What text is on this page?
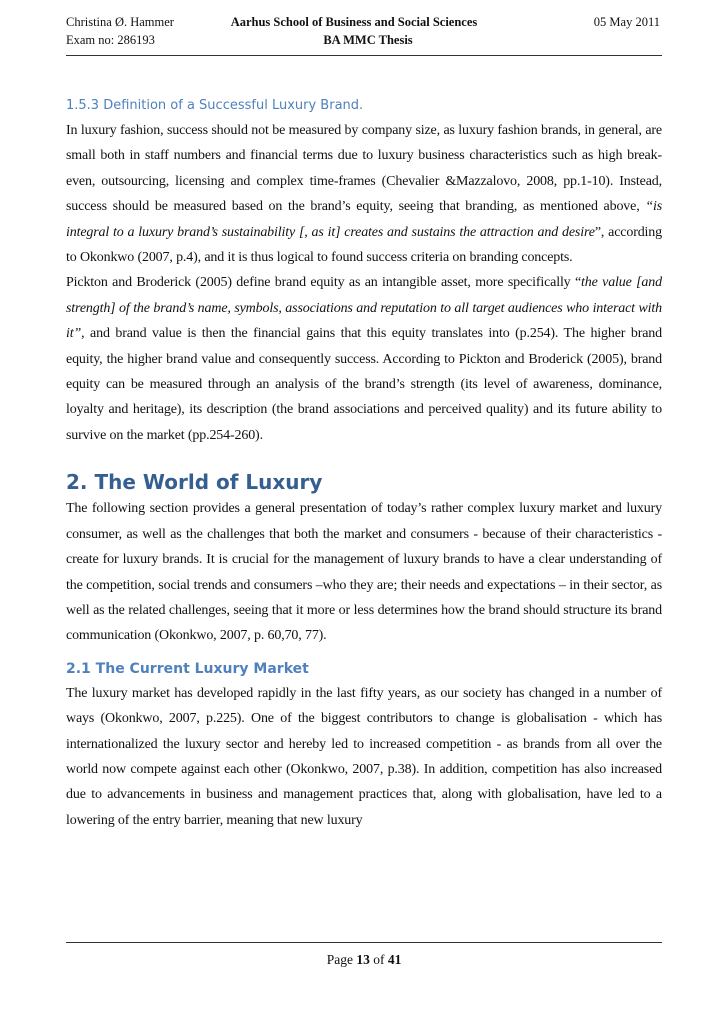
Christina Ø. Hammer
Exam no: 286193
Aarhus School of Business and Social Sciences
BA MMC Thesis
05 May 2011
1.5.3 Definition of a Successful Luxury Brand.

In luxury fashion, success should not be measured by company size, as luxury fashion brands, in general, are small both in staff numbers and financial terms due to luxury business characteristics such as high break-even, outsourcing, licensing and complex time-frames (Chevalier &Mazzalovo, 2008, pp.1-10). Instead, success should be measured based on the brand’s equity, seeing that branding, as mentioned above, “is integral to a luxury brand’s sustainability [, as it] creates and sustains the attraction and desire”, according to Okonkwo (2007, p.4), and it is thus logical to found success criteria on branding concepts.

Pickton and Broderick (2005) define brand equity as an intangible asset, more specifically “the value [and strength] of the brand’s name, symbols, associations and reputation to all target audiences who interact with it”, and brand value is then the financial gains that this equity translates into (p.254). The higher brand equity, the higher brand value and consequently success. According to Pickton and Broderick (2005), brand equity can be measured through an analysis of the brand’s strength (its level of awareness, dominance, loyalty and heritage), its description (the brand associations and perceived quality) and its future ability to survive on the market (pp.254-260).

2. The World of Luxury

The following section provides a general presentation of today’s rather complex luxury market and luxury consumer, as well as the challenges that both the market and consumers - because of their characteristics - create for luxury brands. It is crucial for the management of luxury brands to have a clear understanding of the competition, social trends and consumers –who they are; their needs and expectations – in their sector, as well as the related challenges, seeing that it more or less determines how the brand should structure its brand communication (Okonkwo, 2007, p. 60,70, 77).

2.1 The Current Luxury Market

The luxury market has developed rapidly in the last fifty years, as our society has changed in a number of ways (Okonkwo, 2007, p.225). One of the biggest contributors to change is globalisation - which has internationalized the luxury sector and hereby led to increased competition - as brands from all over the world now compete against each other (Okonkwo, 2007, p.38). In addition, competition has also increased due to advancements in business and management practices that, along with globalisation, have led to a lowering of the entry barrier, meaning that new luxury

Page 13 of 41
